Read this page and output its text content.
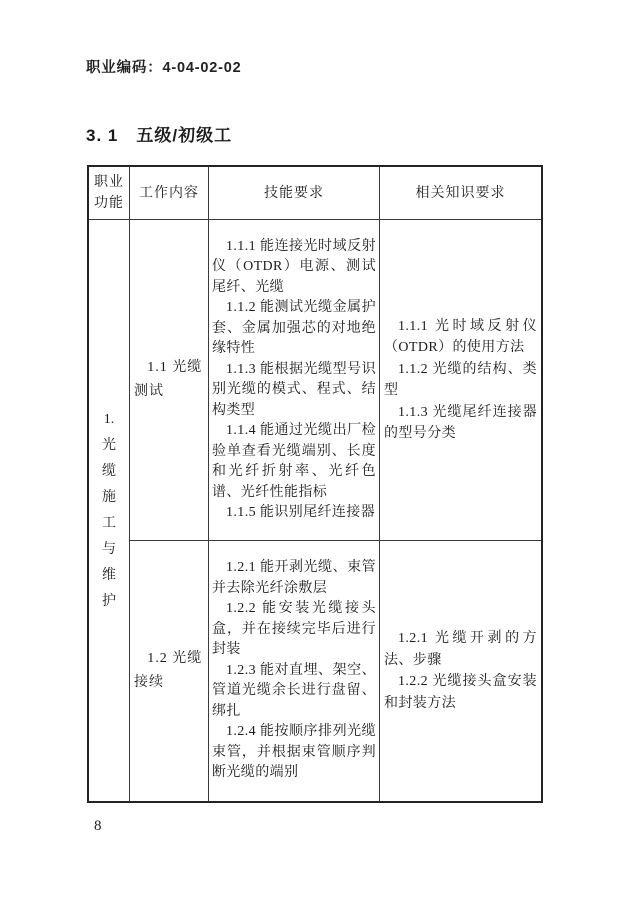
职业编码：4-04-02-02
3. 1　五级/初级工
职业功能
工作内容	技能要求	相关知识要求
1. 光缆施工与维护

1.1 光缆测试

1.1.1 能连接光时域反射仪（OTDR）电源、测试尾纤、光缆

1.1.2 能测试光缆金属护套、金属加强芯的对地绝缘特性

1.1.3 能根据光缆型号识别光缆的模式、程式、结构类型

1.1.4 能通过光缆出厂检验单查看光缆端别、长度和光纤折射率、光纤色谱、光纤性能指标

1.1.5 能识别尾纤连接器

1.1.1 光时域反射仪（OTDR）的使用方法

1.1.2 光缆的结构、类型

1.1.3 光缆尾纤连接器的型号分类

1.2 光缆接续

1.2.1 能开剥光缆、束管并去除光纤涂敷层

1.2.2 能安装光缆接头盒，并在接续完毕后进行封装

1.2.3 能对直埋、架空、管道光缆余长进行盘留、绑扎

1.2.4 能按顺序排列光缆束管，并根据束管顺序判断光缆的端别

1.2.1 光缆开剥的方法、步骤

1.2.2 光缆接头盒安装和封装方法

8
